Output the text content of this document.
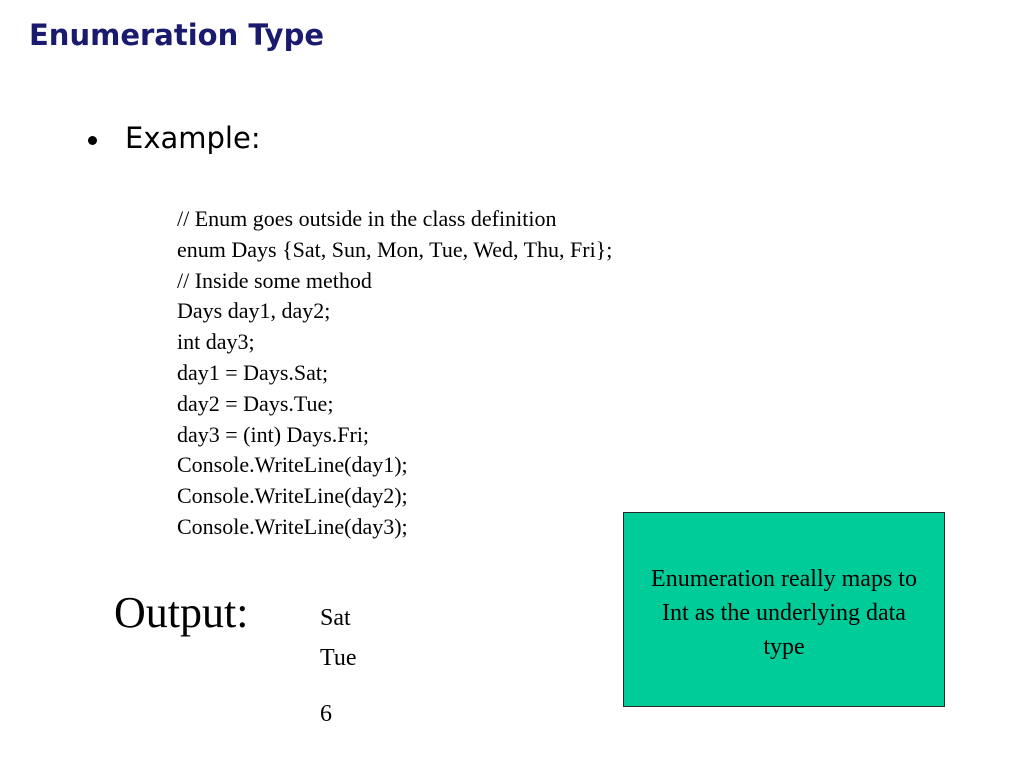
Enumeration Type
Example:
// Enum goes outside in the class definition
enum Days {Sat, Sun, Mon, Tue, Wed, Thu, Fri};
// Inside some method
Days day1, day2;
int day3;
day1 = Days.Sat;
day2 = Days.Tue;
day3 = (int) Days.Fri;
Console.WriteLine(day1);
Console.WriteLine(day2);
Console.WriteLine(day3);
Output:	Sat
Tue
6
Enumeration really maps to Int as the underlying data type
